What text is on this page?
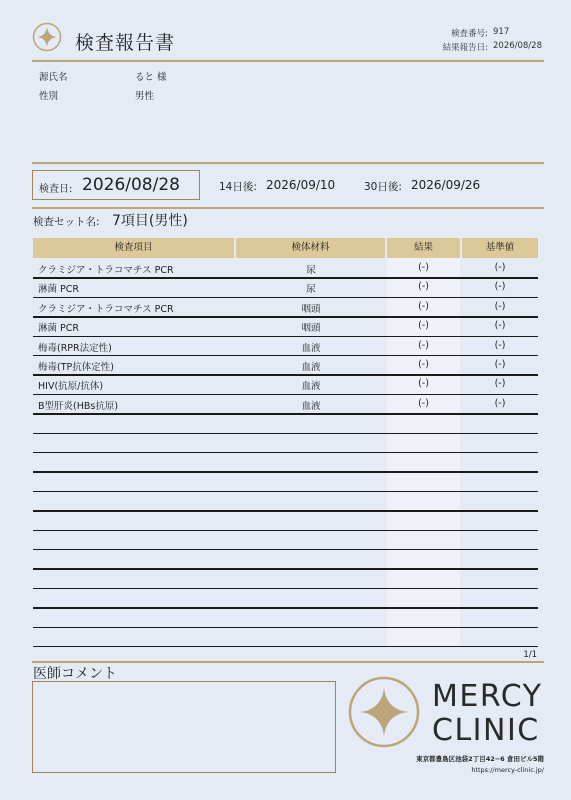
検査報告書	検査番号: 917
結果報告日: 2026/08/28
源氏名	ると 様
性別	男性
検査日: 2026/08/28	14日後: 2026/09/10	30日後: 2026/09/26
検査セット名: 7項目(男性)
検査項目	検体材料	結果	基準値
クラミジア・トラコマチス PCR	尿	(-)	(-)
淋菌 PCR	尿	(-)	(-)
クラミジア・トラコマチス PCR	咽頭	(-)	(-)
淋菌 PCR	咽頭	(-)	(-)
梅毒(RPR法定性)	血液	(-)	(-)
梅毒(TP抗体定性)	血液	(-)	(-)
HIV(抗原/抗体)	血液	(-)	(-)
B型肝炎(HBs抗原)	血液	(-)	(-)
1/1
医師コメント
MERCY
CLINIC
東京都豊島区池袋2丁目42−6 倉田ビル5階
https://mercy-clinic.jp/
